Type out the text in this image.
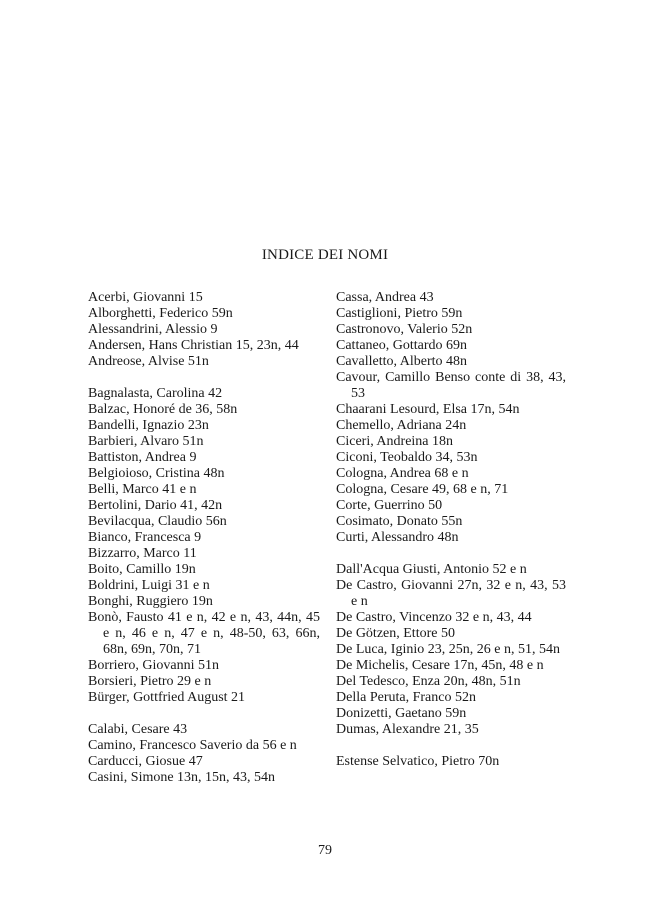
INDICE DEI NOMI
Acerbi, Giovanni 15
Alborghetti, Federico 59n
Alessandrini, Alessio 9
Andersen, Hans Christian 15, 23n, 44
Andreose, Alvise 51n
Bagnalasta, Carolina 42
Balzac, Honoré de 36, 58n
Bandelli, Ignazio 23n
Barbieri, Alvaro 51n
Battiston, Andrea 9
Belgioioso, Cristina 48n
Belli, Marco 41 e n
Bertolini, Dario 41, 42n
Bevilacqua, Claudio 56n
Bianco, Francesca 9
Bizzarro, Marco 11
Boito, Camillo 19n
Boldrini, Luigi 31 e n
Bonghi, Ruggiero 19n
Bonò, Fausto 41 e n, 42 e n, 43, 44n, 45 e n, 46 e n, 47 e n, 48-50, 63, 66n, 68n, 69n, 70n, 71
Borriero, Giovanni 51n
Borsieri, Pietro 29 e n
Bürger, Gottfried August 21
Calabi, Cesare 43
Camino, Francesco Saverio da 56 e n
Carducci, Giosue 47
Casini, Simone 13n, 15n, 43, 54n
Cassa, Andrea 43
Castiglioni, Pietro 59n
Castronovo, Valerio 52n
Cattaneo, Gottardo 69n
Cavalletto, Alberto 48n
Cavour, Camillo Benso conte di 38, 43, 53
Chaarani Lesourd, Elsa 17n, 54n
Chemello, Adriana 24n
Ciceri, Andreina 18n
Ciconi, Teobaldo 34, 53n
Cologna, Andrea 68 e n
Cologna, Cesare 49, 68 e n, 71
Corte, Guerrino 50
Cosimato, Donato 55n
Curti, Alessandro 48n
Dall'Acqua Giusti, Antonio 52 e n
De Castro, Giovanni 27n, 32 e n, 43, 53 e n
De Castro, Vincenzo 32 e n, 43, 44
De Götzen, Ettore 50
De Luca, Iginio 23, 25n, 26 e n, 51, 54n
De Michelis, Cesare 17n, 45n, 48 e n
Del Tedesco, Enza 20n, 48n, 51n
Della Peruta, Franco 52n
Donizetti, Gaetano 59n
Dumas, Alexandre 21, 35
Estense Selvatico, Pietro 70n
79
